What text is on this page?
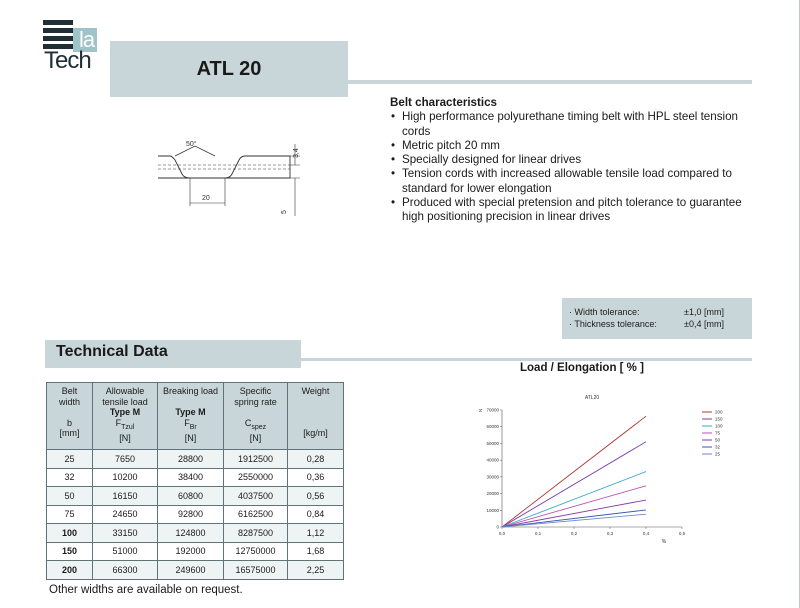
la
Tech	ATL 20
50°
20
3,4
5
Belt characteristics
• High performance polyurethane timing belt with HPL steel tension cords
• Metric pitch 20 mm
• Specially designed for linear drives
• Tension cords with increased allowable tensile load compared to standard for lower elongation
• Produced with special pretension and pitch tolerance to guarantee high positioning precision in linear drives
· Width tolerance:	±1,0 [mm]
· Thickness tolerance:	±0,4 [mm]
Technical Data
Belt
width

b
[mm]	Allowable
tensile load
Type M
$F_{Tzul}$
[N]	Breaking load

Type M
$F_{Br}$
[N]	Specific
spring rate

$C_{spez}$
[N]	Weight

[kg/m]
25	7650	28800	1912500	0,28
32	10200	38400	2550000	0,36
50	16150	60800	4037500	0,56
75	24650	92800	6162500	0,84
100	33150	124800	8287500	1,12
150	51000	192000	12750000	1,68
200	66300	249600	16575000	2,25
Other widths are available on request.
Load / Elongation [ % ]
ATL20
0
10000
20000
30000
40000
50000
60000
70000
0,0	0,1	0,2	0,3	0,4	0,5
N
%
200
150
100
75
50
32
25
